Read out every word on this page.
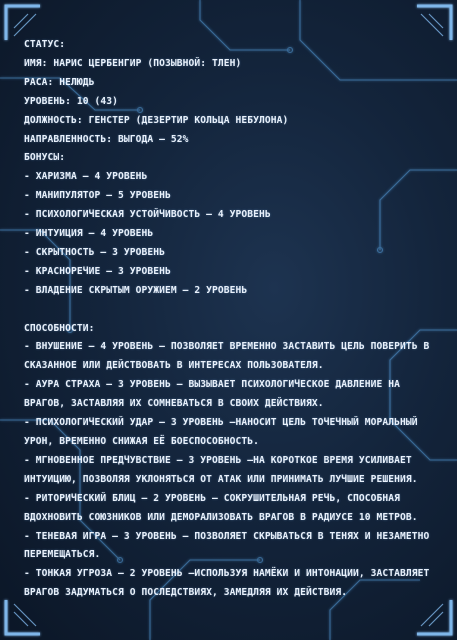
СТАТУС:
ИМЯ: НАРИС ЦЕРБЕНГИР (ПОЗЫВНОЙ: ТЛЕН)
РАСА: НЕЛЮДЬ
УРОВЕНЬ: 10 (43)
ДОЛЖНОСТЬ: ГЕНСТЕР (ДЕЗЕРТИР КОЛЬЦА НЕБУЛОНА)
НАПРАВЛЕННОСТЬ: ВЫГОДА — 52%
БОНУСЫ:
- ХАРИЗМА — 4 УРОВЕНЬ
- МАНИПУЛЯТОР — 5 УРОВЕНЬ
- ПСИХОЛОГИЧЕСКАЯ УСТОЙЧИВОСТЬ — 4 УРОВЕНЬ
- ИНТУИЦИЯ — 4 УРОВЕНЬ
- СКРЫТНОСТЬ — 3 УРОВЕНЬ
- КРАСНОРЕЧИЕ — 3 УРОВЕНЬ
- ВЛАДЕНИЕ СКРЫТЫМ ОРУЖИЕМ — 2 УРОВЕНЬ
СПОСОБНОСТИ:
- ВНУШЕНИЕ — 4 УРОВЕНЬ — ПОЗВОЛЯЕТ ВРЕМЕННО ЗАСТАВИТЬ ЦЕЛЬ ПОВЕРИТЬ В СКАЗАННОЕ ИЛИ ДЕЙСТВОВАТЬ В ИНТЕРЕСАХ ПОЛЬЗОВАТЕЛЯ.
- АУРА СТРАХА — 3 УРОВЕНЬ — ВЫЗЫВАЕТ ПСИХОЛОГИЧЕСКОЕ ДАВЛЕНИЕ НА ВРАГОВ, ЗАСТАВЛЯЯ ИХ СОМНЕВАТЬСЯ В СВОИХ ДЕЙСТВИЯХ.
- ПСИХОЛОГИЧЕСКИЙ УДАР — 3 УРОВЕНЬ —НАНОСИТ ЦЕЛЬ ТОЧЕЧНЫЙ МОРАЛЬНЫЙ УРОН, ВРЕМЕННО СНИЖАЯ ЕЁ БОЕСПОСОБНОСТЬ.
- МГНОВЕННОЕ ПРЕДЧУВСТВИЕ — 3 УРОВЕНЬ —НА КОРОТКОЕ ВРЕМЯ УСИЛИВАЕТ ИНТУИЦИЮ, ПОЗВОЛЯЯ УКЛОНЯТЬСЯ ОТ АТАК ИЛИ ПРИНИМАТЬ ЛУЧШИЕ РЕШЕНИЯ.
- РИТОРИЧЕСКИЙ БЛИЦ — 2 УРОВЕНЬ — СОКРУШИТЕЛЬНАЯ РЕЧЬ, СПОСОБНАЯ ВДОХНОВИТЬ СОЮЗНИКОВ ИЛИ ДЕМОРАЛИЗОВАТЬ ВРАГОВ В РАДИУСЕ 10 МЕТРОВ.
- ТЕНЕВАЯ ИГРА — 3 УРОВЕНЬ — ПОЗВОЛЯЕТ СКРЫВАТЬСЯ В ТЕНЯХ И НЕЗАМЕТНО ПЕРЕМЕЩАТЬСЯ.
- ТОНКАЯ УГРОЗА — 2 УРОВЕНЬ —ИСПОЛЬЗУЯ НАМЁКИ И ИНТОНАЦИИ, ЗАСТАВЛЯЕТ ВРАГОВ ЗАДУМАТЬСЯ О ПОСЛЕДСТВИЯХ, ЗАМЕДЛЯЯ ИХ ДЕЙСТВИЯ.
